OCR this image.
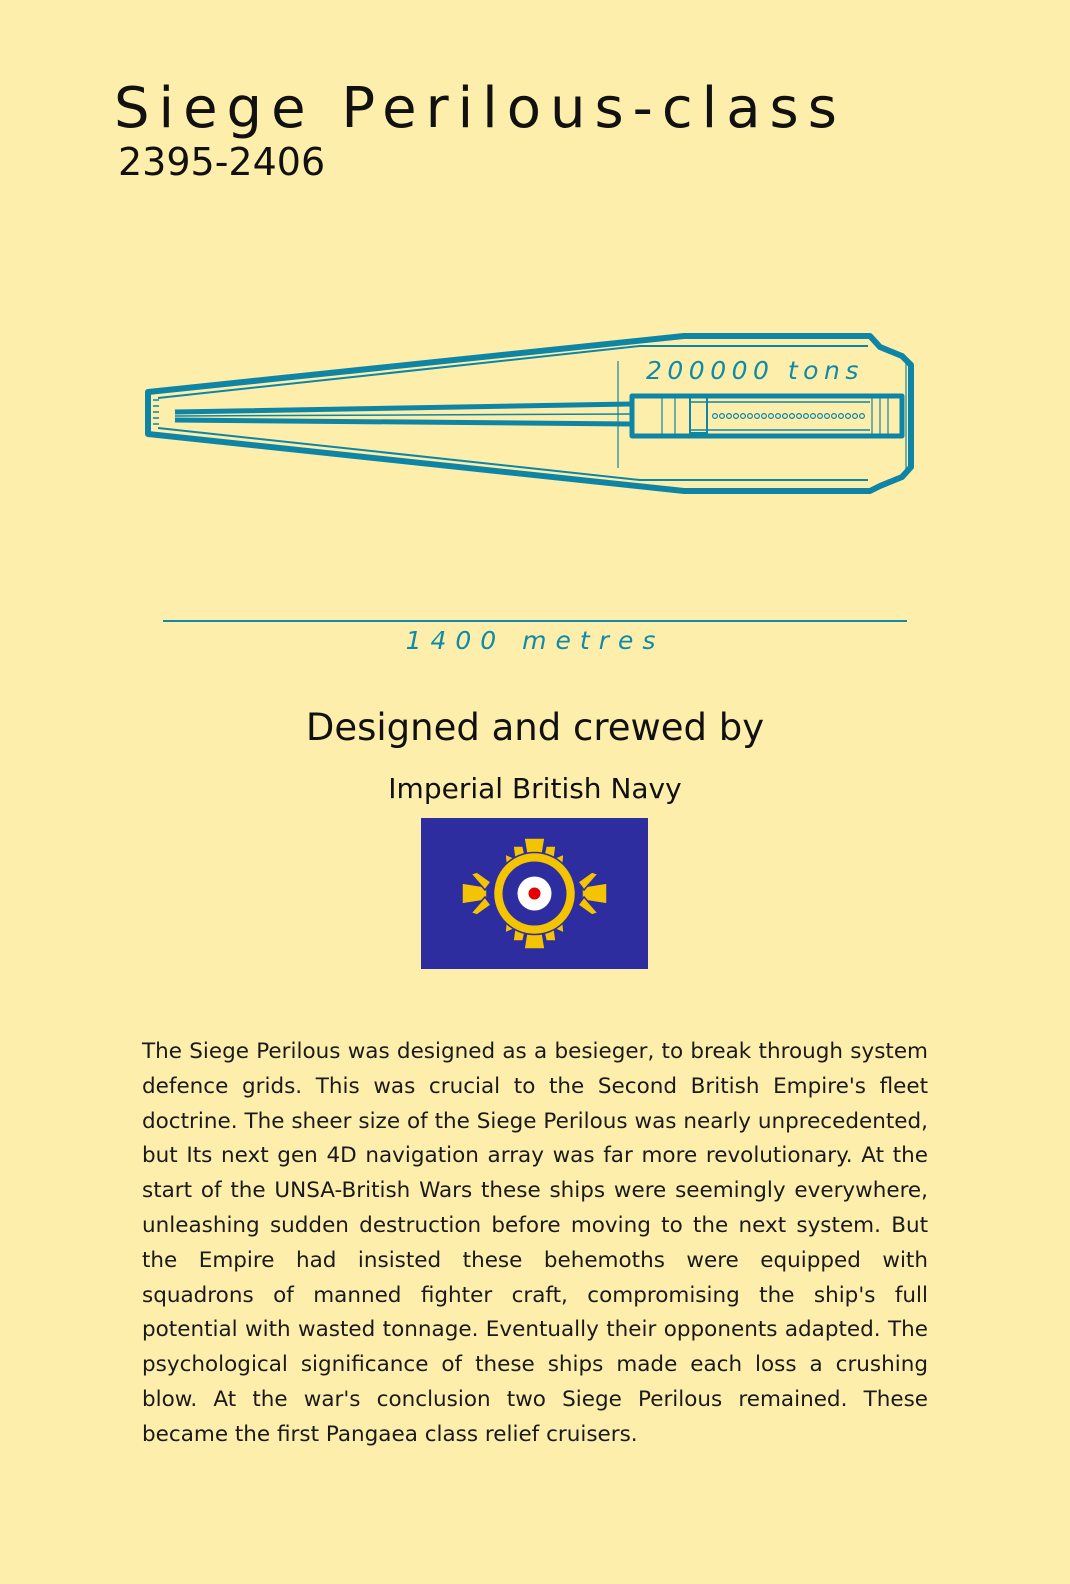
Siege Perilous-class
2395-2406
200000 tons
1400 metres
Designed and crewed by
Imperial British Navy

The Siege Perilous was designed as a besieger, to break through system defence grids. This was crucial to the Second British Empire's fleet doctrine. The sheer size of the Siege Perilous was nearly unprecedented, but Its next gen 4D navigation array was far more revolutionary. At the start of the UNSA-British Wars these ships were seemingly everywhere, unleashing sudden destruction before moving to the next system. But the Empire had insisted these behemoths were equipped with squadrons of manned fighter craft, compromising the ship's full potential with wasted tonnage. Eventually their opponents adapted. The psychological significance of these ships made each loss a crushing blow. At the war's conclusion two Siege Perilous remained. These became the first Pangaea class relief cruisers.
